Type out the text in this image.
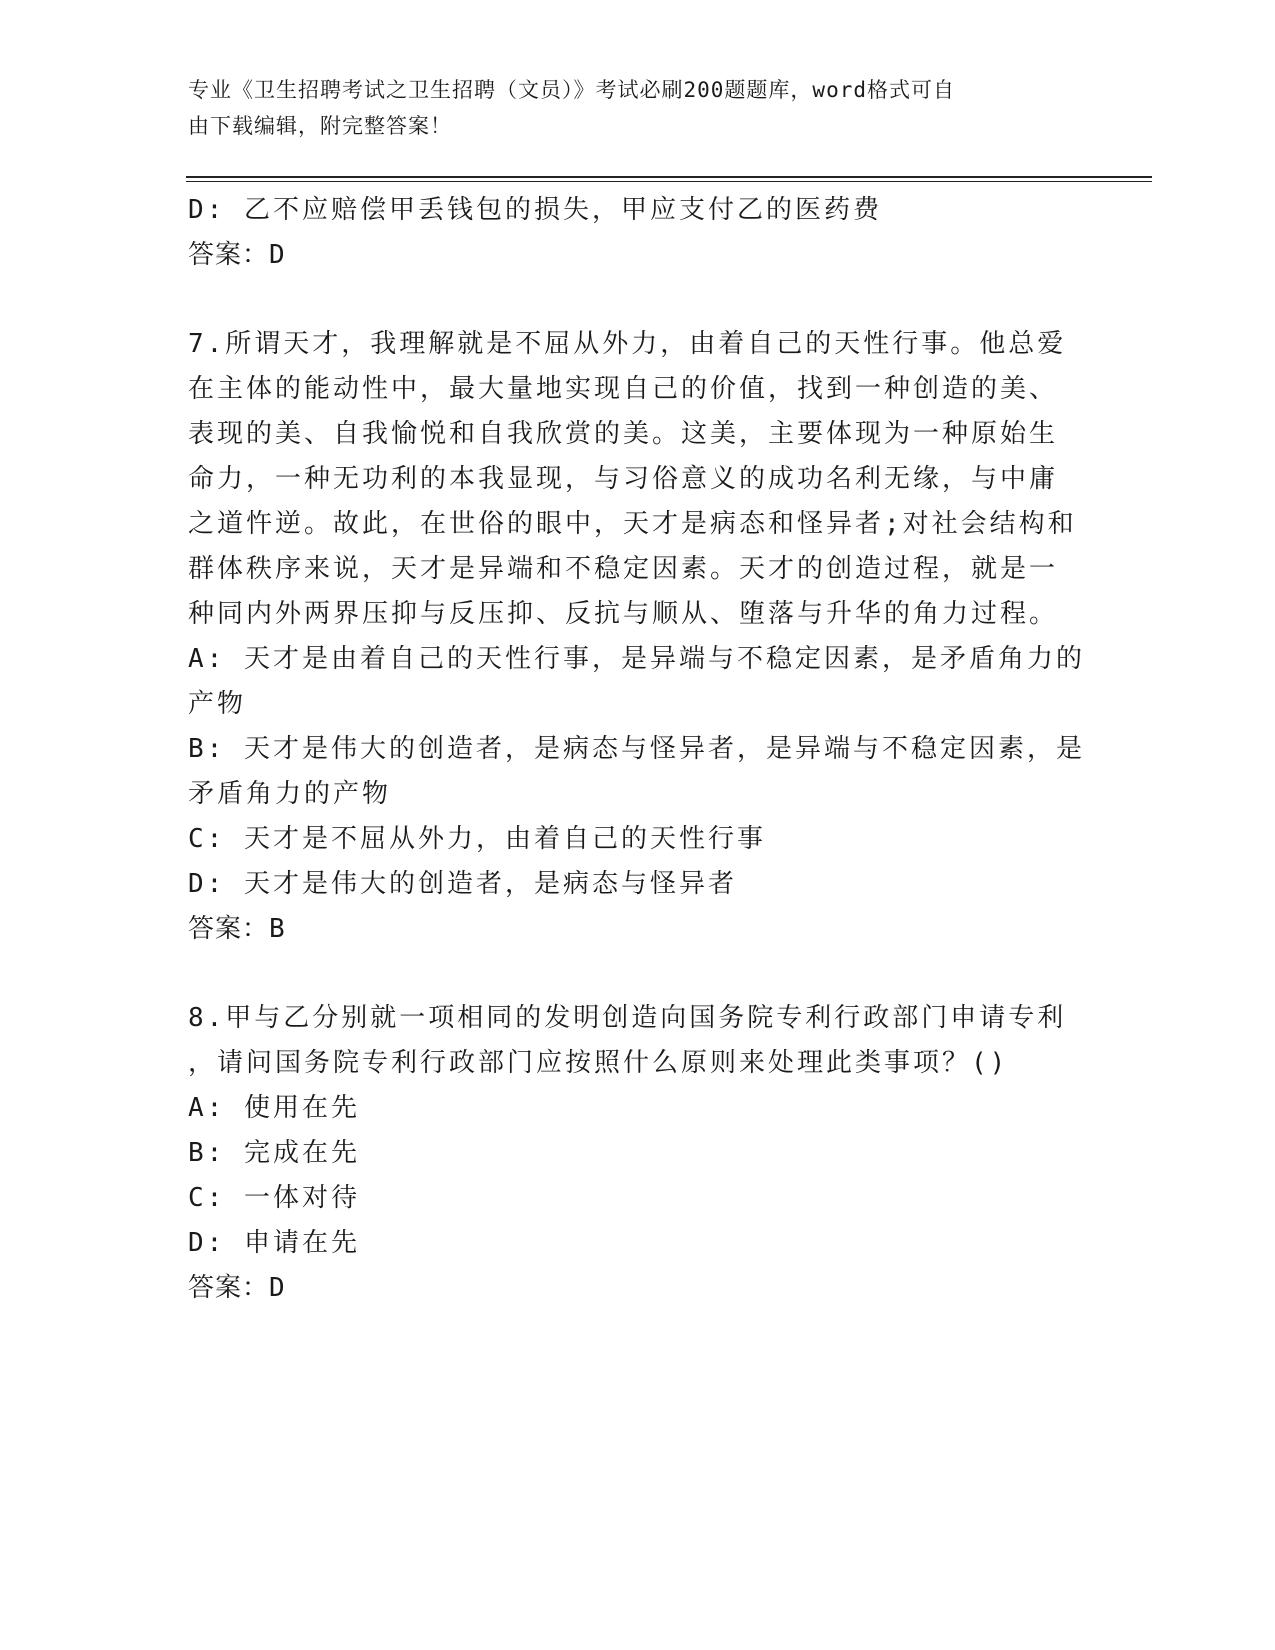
专业《卫生招聘考试之卫生招聘（文员）》考试必刷200题题库，word格式可自
由下载编辑，附完整答案！
D: 乙不应赔偿甲丢钱包的损失，甲应支付乙的医药费
答案：D
7.所谓天才，我理解就是不屈从外力，由着自己的天性行事。他总爱
在主体的能动性中，最大量地实现自己的价值，找到一种创造的美、
表现的美、自我愉悦和自我欣赏的美。这美，主要体现为一种原始生
命力，一种无功利的本我显现，与习俗意义的成功名利无缘，与中庸
之道忤逆。故此，在世俗的眼中，天才是病态和怪异者;对社会结构和
群体秩序来说，天才是异端和不稳定因素。天才的创造过程，就是一
种同内外两界压抑与反压抑、反抗与顺从、堕落与升华的角力过程。
A: 天才是由着自己的天性行事，是异端与不稳定因素，是矛盾角力的
产物
B: 天才是伟大的创造者，是病态与怪异者，是异端与不稳定因素，是
矛盾角力的产物
C: 天才是不屈从外力，由着自己的天性行事
D: 天才是伟大的创造者，是病态与怪异者
答案：B
8.甲与乙分别就一项相同的发明创造向国务院专利行政部门申请专利
，请问国务院专利行政部门应按照什么原则来处理此类事项？()
A: 使用在先
B: 完成在先
C: 一体对待
D: 申请在先
答案：D
